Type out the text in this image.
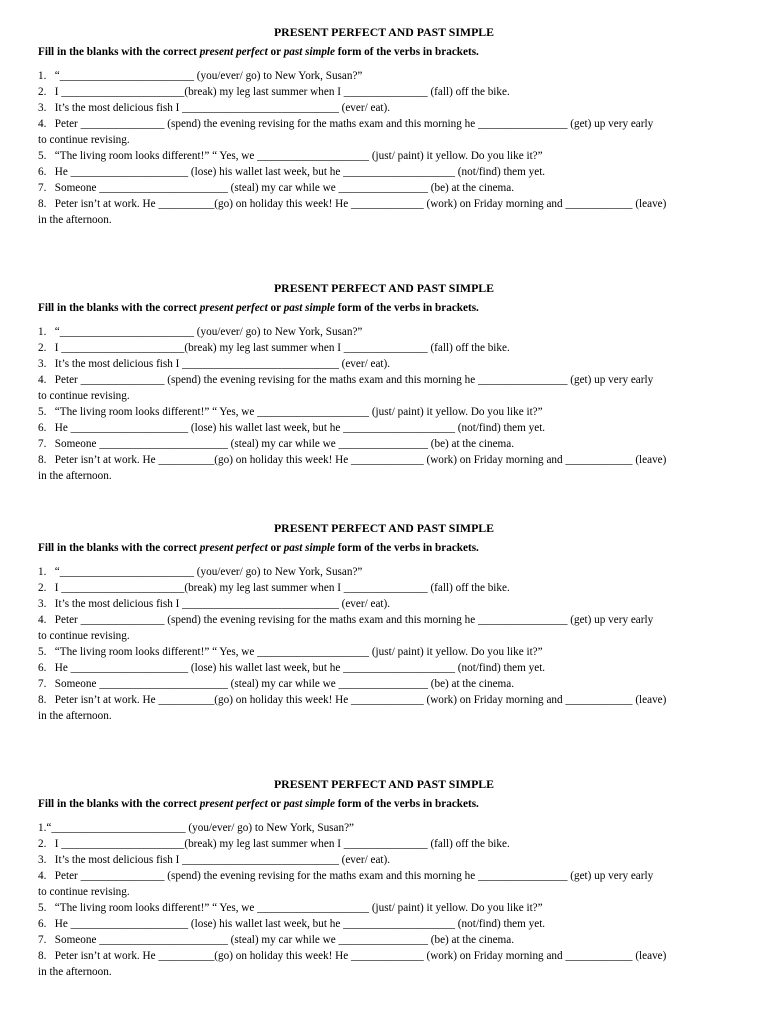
PRESENT PERFECT AND PAST SIMPLE
Fill in the blanks with the correct present perfect or past simple form of the verbs in brackets.
1.   “________________________ (you/ever/ go) to New York, Susan?”
2.   I ______________________(break) my leg last summer when I _______________ (fall) off the bike.
3.   It’s the most delicious fish I ____________________________ (ever/ eat).
4.   Peter _______________ (spend) the evening revising for the maths exam and this morning he ________________ (get) up very early
to continue revising.
5.   “The living room looks different!” “ Yes, we ____________________ (just/ paint) it yellow. Do you like it?”
6.   He _____________________ (lose) his wallet last week, but he ____________________ (not/find) them yet.
7.   Someone _______________________ (steal) my car while we ________________ (be) at the cinema.
8.   Peter isn’t at work. He __________(go) on holiday this week! He _____________ (work) on Friday morning and ____________ (leave)
in the afternoon.
PRESENT PERFECT AND PAST SIMPLE
Fill in the blanks with the correct present perfect or past simple form of the verbs in brackets.
1.   “________________________ (you/ever/ go) to New York, Susan?”
2.   I ______________________(break) my leg last summer when I _______________ (fall) off the bike.
3.   It’s the most delicious fish I ____________________________ (ever/ eat).
4.   Peter _______________ (spend) the evening revising for the maths exam and this morning he ________________ (get) up very early
to continue revising.
5.   “The living room looks different!” “ Yes, we ____________________ (just/ paint) it yellow. Do you like it?”
6.   He _____________________ (lose) his wallet last week, but he ____________________ (not/find) them yet.
7.   Someone _______________________ (steal) my car while we ________________ (be) at the cinema.
8.   Peter isn’t at work. He __________(go) on holiday this week! He _____________ (work) on Friday morning and ____________ (leave)
in the afternoon.
PRESENT PERFECT AND PAST SIMPLE
Fill in the blanks with the correct present perfect or past simple form of the verbs in brackets.
1.   “________________________ (you/ever/ go) to New York, Susan?”
2.   I ______________________(break) my leg last summer when I _______________ (fall) off the bike.
3.   It’s the most delicious fish I ____________________________ (ever/ eat).
4.   Peter _______________ (spend) the evening revising for the maths exam and this morning he ________________ (get) up very early
to continue revising.
5.   “The living room looks different!” “ Yes, we ____________________ (just/ paint) it yellow. Do you like it?”
6.   He _____________________ (lose) his wallet last week, but he ____________________ (not/find) them yet.
7.   Someone _______________________ (steal) my car while we ________________ (be) at the cinema.
8.   Peter isn’t at work. He __________(go) on holiday this week! He _____________ (work) on Friday morning and ____________ (leave)
in the afternoon.
PRESENT PERFECT AND PAST SIMPLE
Fill in the blanks with the correct present perfect or past simple form of the verbs in brackets.
1.“________________________ (you/ever/ go) to New York, Susan?”
2.   I ______________________(break) my leg last summer when I _______________ (fall) off the bike.
3.   It’s the most delicious fish I ____________________________ (ever/ eat).
4.   Peter _______________ (spend) the evening revising for the maths exam and this morning he ________________ (get) up very early
to continue revising.
5.   “The living room looks different!” “ Yes, we ____________________ (just/ paint) it yellow. Do you like it?”
6.   He _____________________ (lose) his wallet last week, but he ____________________ (not/find) them yet.
7.   Someone _______________________ (steal) my car while we ________________ (be) at the cinema.
8.   Peter isn’t at work. He __________(go) on holiday this week! He _____________ (work) on Friday morning and ____________ (leave)
in the afternoon.
